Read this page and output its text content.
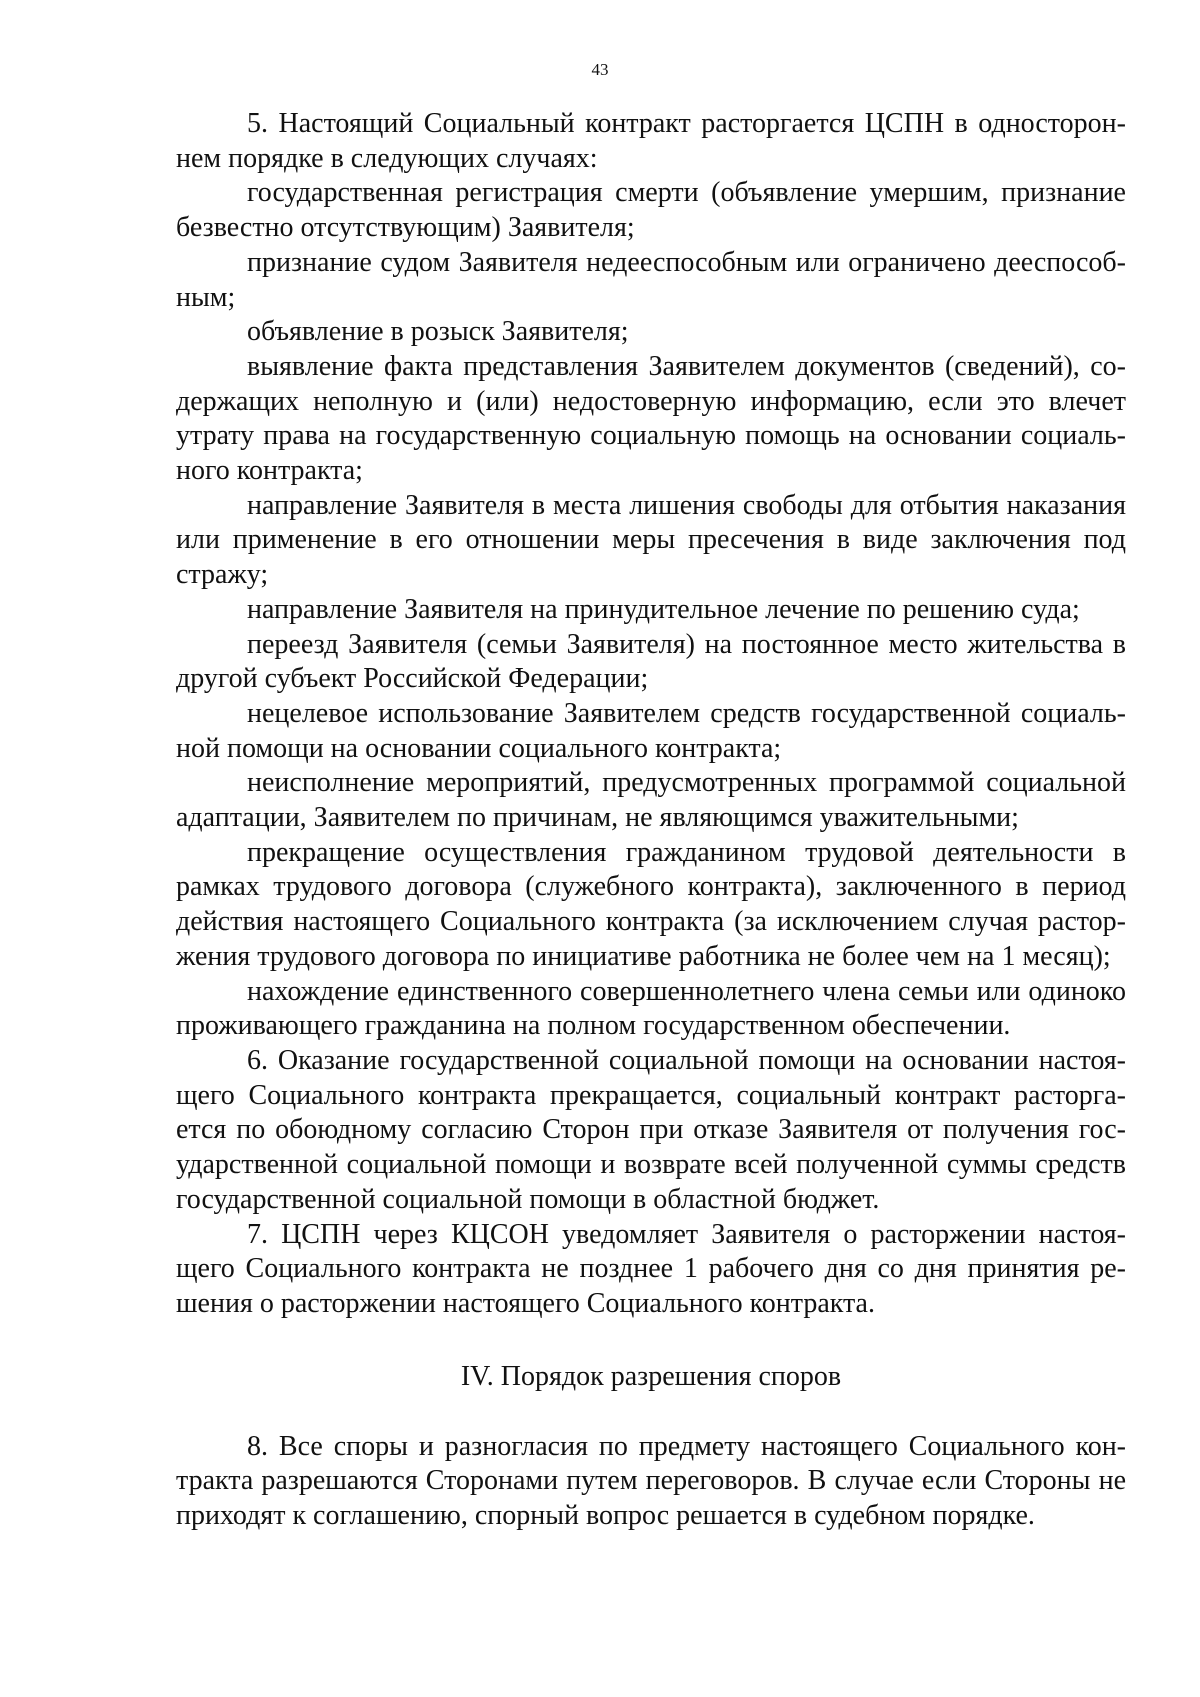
43

5. Настоящий Социальный контракт расторгается ЦСПН в одностороннем порядке в следующих случаях:

государственная регистрация смерти (объявление умершим, признание безвестно отсутствующим) Заявителя;

признание судом Заявителя недееспособным или ограничено дееспособным;

объявление в розыск Заявителя;

выявление факта представления Заявителем документов (сведений), содержащих неполную и (или) недостоверную информацию, если это влечет утрату права на государственную социальную помощь на основании социального контракта;

направление Заявителя в места лишения свободы для отбытия наказания или применение в его отношении меры пресечения в виде заключения под стражу;

направление Заявителя на принудительное лечение по решению суда;

переезд Заявителя (семьи Заявителя) на постоянное место жительства в другой субъект Российской Федерации;

нецелевое использование Заявителем средств государственной социальной помощи на основании социального контракта;

неисполнение мероприятий, предусмотренных программой социальной адаптации, Заявителем по причинам, не являющимся уважительными;

прекращение осуществления гражданином трудовой деятельности в рамках трудового договора (служебного контракта), заключенного в период действия настоящего Социального контракта (за исключением случая расторжения трудового договора по инициативе работника не более чем на 1 месяц);

нахождение единственного совершеннолетнего члена семьи или одиноко проживающего гражданина на полном государственном обеспечении.

6. Оказание государственной социальной помощи на основании настоящего Социального контракта прекращается, социальный контракт расторгается по обоюдному согласию Сторон при отказе Заявителя от получения государственной социальной помощи и возврате всей полученной суммы средств государственной социальной помощи в областной бюджет.

7. ЦСПН через КЦСОН уведомляет Заявителя о расторжении настоящего Социального контракта не позднее 1 рабочего дня со дня принятия решения о расторжении настоящего Социального контракта.

IV. Порядок разрешения споров

8. Все споры и разногласия по предмету настоящего Социального контракта разрешаются Сторонами путем переговоров. В случае если Стороны не приходят к соглашению, спорный вопрос решается в судебном порядке.
